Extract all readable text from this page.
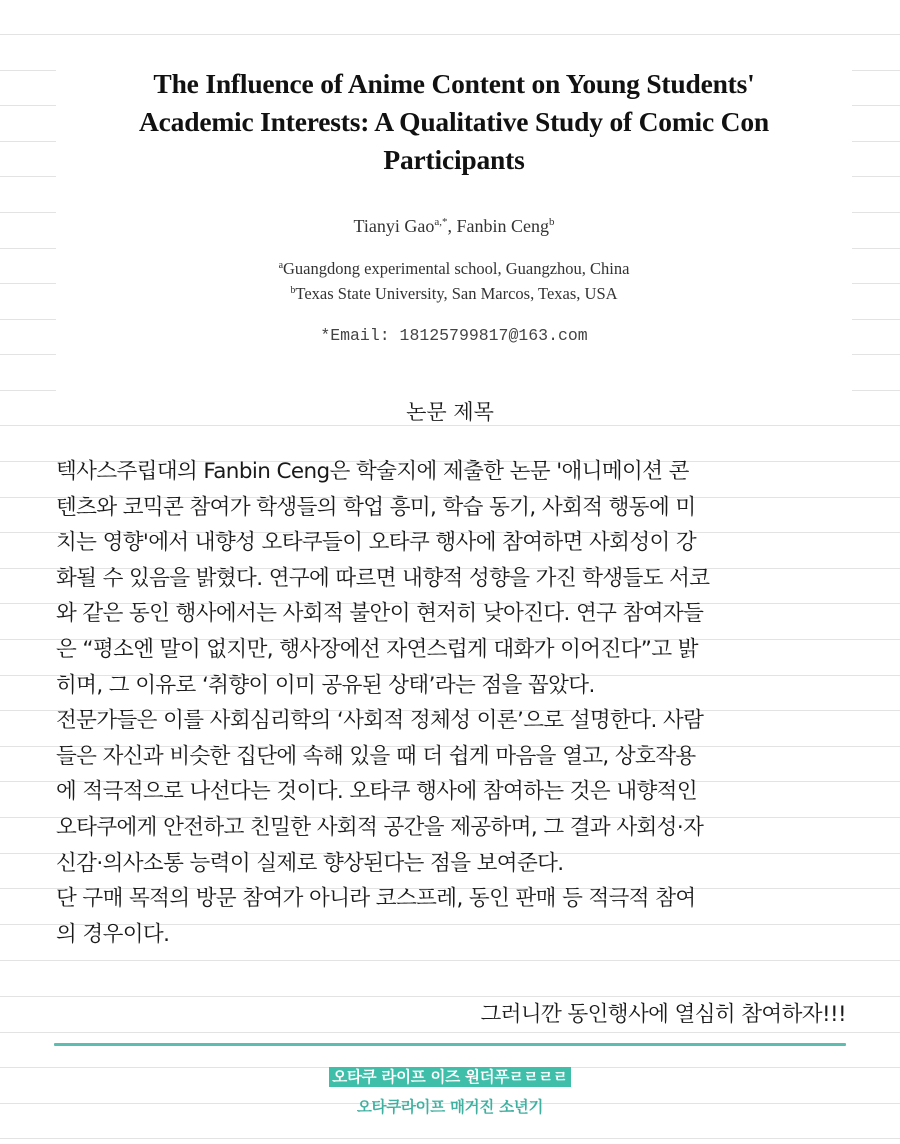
The Influence of Anime Content on Young Students'
Academic Interests: A Qualitative Study of Comic Con
Participants
Tianyi Gao$^{a,*}$, Fanbin Ceng$^b$
$^a$Guangdong experimental school, Guangzhou, China
$^b$Texas State University, San Marcos, Texas, USA
*Email: 18125799817@163.com
논문 제목
텍사스주립대의 Fanbin Ceng은 학술지에 제출한 논문 '애니메이션 콘
텐츠와 코믹콘 참여가 학생들의 학업 흥미, 학습 동기, 사회적 행동에 미
치는 영향'에서 내향성 오타쿠들이 오타쿠 행사에 참여하면 사회성이 강
화될 수 있음을 밝혔다. 연구에 따르면 내향적 성향을 가진 학생들도 서코
와 같은 동인 행사에서는 사회적 불안이 현저히 낮아진다. 연구 참여자들
은 “평소엔 말이 없지만, 행사장에선 자연스럽게 대화가 이어진다”고 밝
히며, 그 이유로 ‘취향이 이미 공유된 상태’라는 점을 꼽았다.
전문가들은 이를 사회심리학의 ‘사회적 정체성 이론’으로 설명한다. 사람
들은 자신과 비슷한 집단에 속해 있을 때 더 쉽게 마음을 열고, 상호작용
에 적극적으로 나선다는 것이다. 오타쿠 행사에 참여하는 것은 내향적인
오타쿠에게 안전하고 친밀한 사회적 공간을 제공하며, 그 결과 사회성·자
신감·의사소통 능력이 실제로 향상된다는 점을 보여준다.
단 구매 목적의 방문 참여가 아니라 코스프레, 동인 판매 등 적극적 참여
의 경우이다.
그러니깐 동인행사에 열심히 참여하자!!!
오타쿠 라이프 이즈 원더푸ㄹㄹㄹㄹ
오타쿠라이프 매거진 소년기
